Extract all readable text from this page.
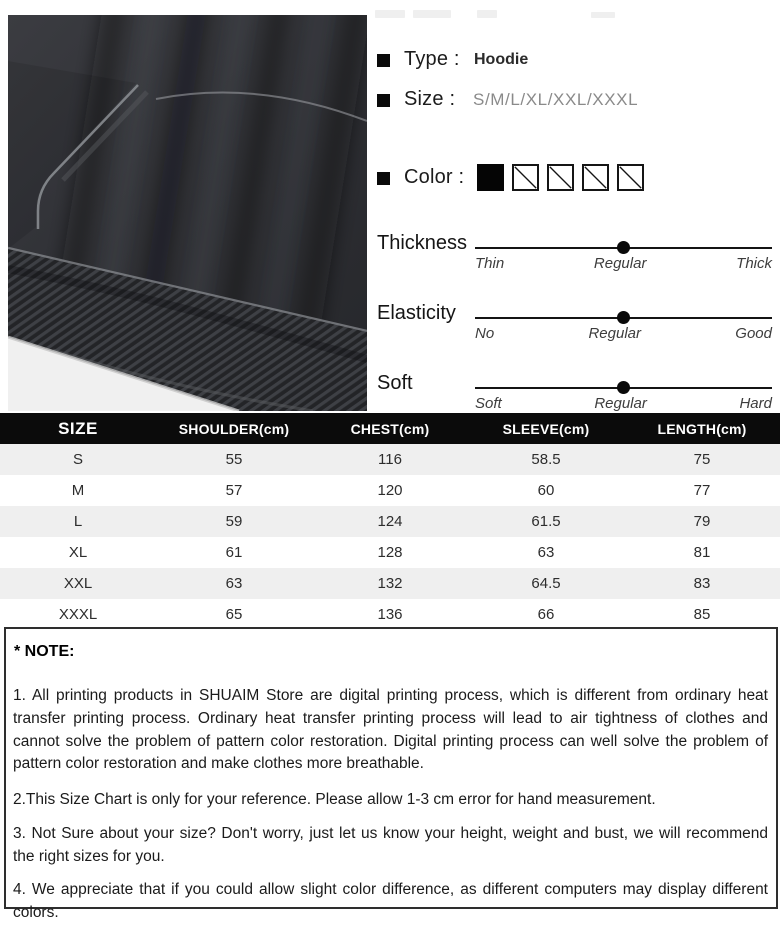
Type : Hoodie
Size : S/M/L/XL/XXL/XXXL
Color :
Thickness
Thin	Regular	Thick
Elasticity
No	Regular	Good
Soft
Soft	Regular	Hard
SIZE	SHOULDER(cm)	CHEST(cm)	SLEEVE(cm)	LENGTH(cm)
S	55	116	58.5	75
M	57	120	60	77
L	59	124	61.5	79
XL	61	128	63	81
XXL	63	132	64.5	83
XXXL	65	136	66	85
* NOTE:

1. All printing products in SHUAIM Store are digital printing process, which is different from ordinary heat transfer printing process. Ordinary heat transfer printing process will lead to air tightness of clothes and cannot solve the problem of pattern color restoration. Digital printing process can well solve the problem of pattern color restoration and make clothes more breathable.

2.This Size Chart is only for your reference. Please allow 1-3 cm error for hand measurement.

3. Not Sure about your size? Don't worry, just let us know your height, weight and bust, we will recommend the right sizes for you.

4. We appreciate that if you could allow slight color difference, as different computers may display different colors.
